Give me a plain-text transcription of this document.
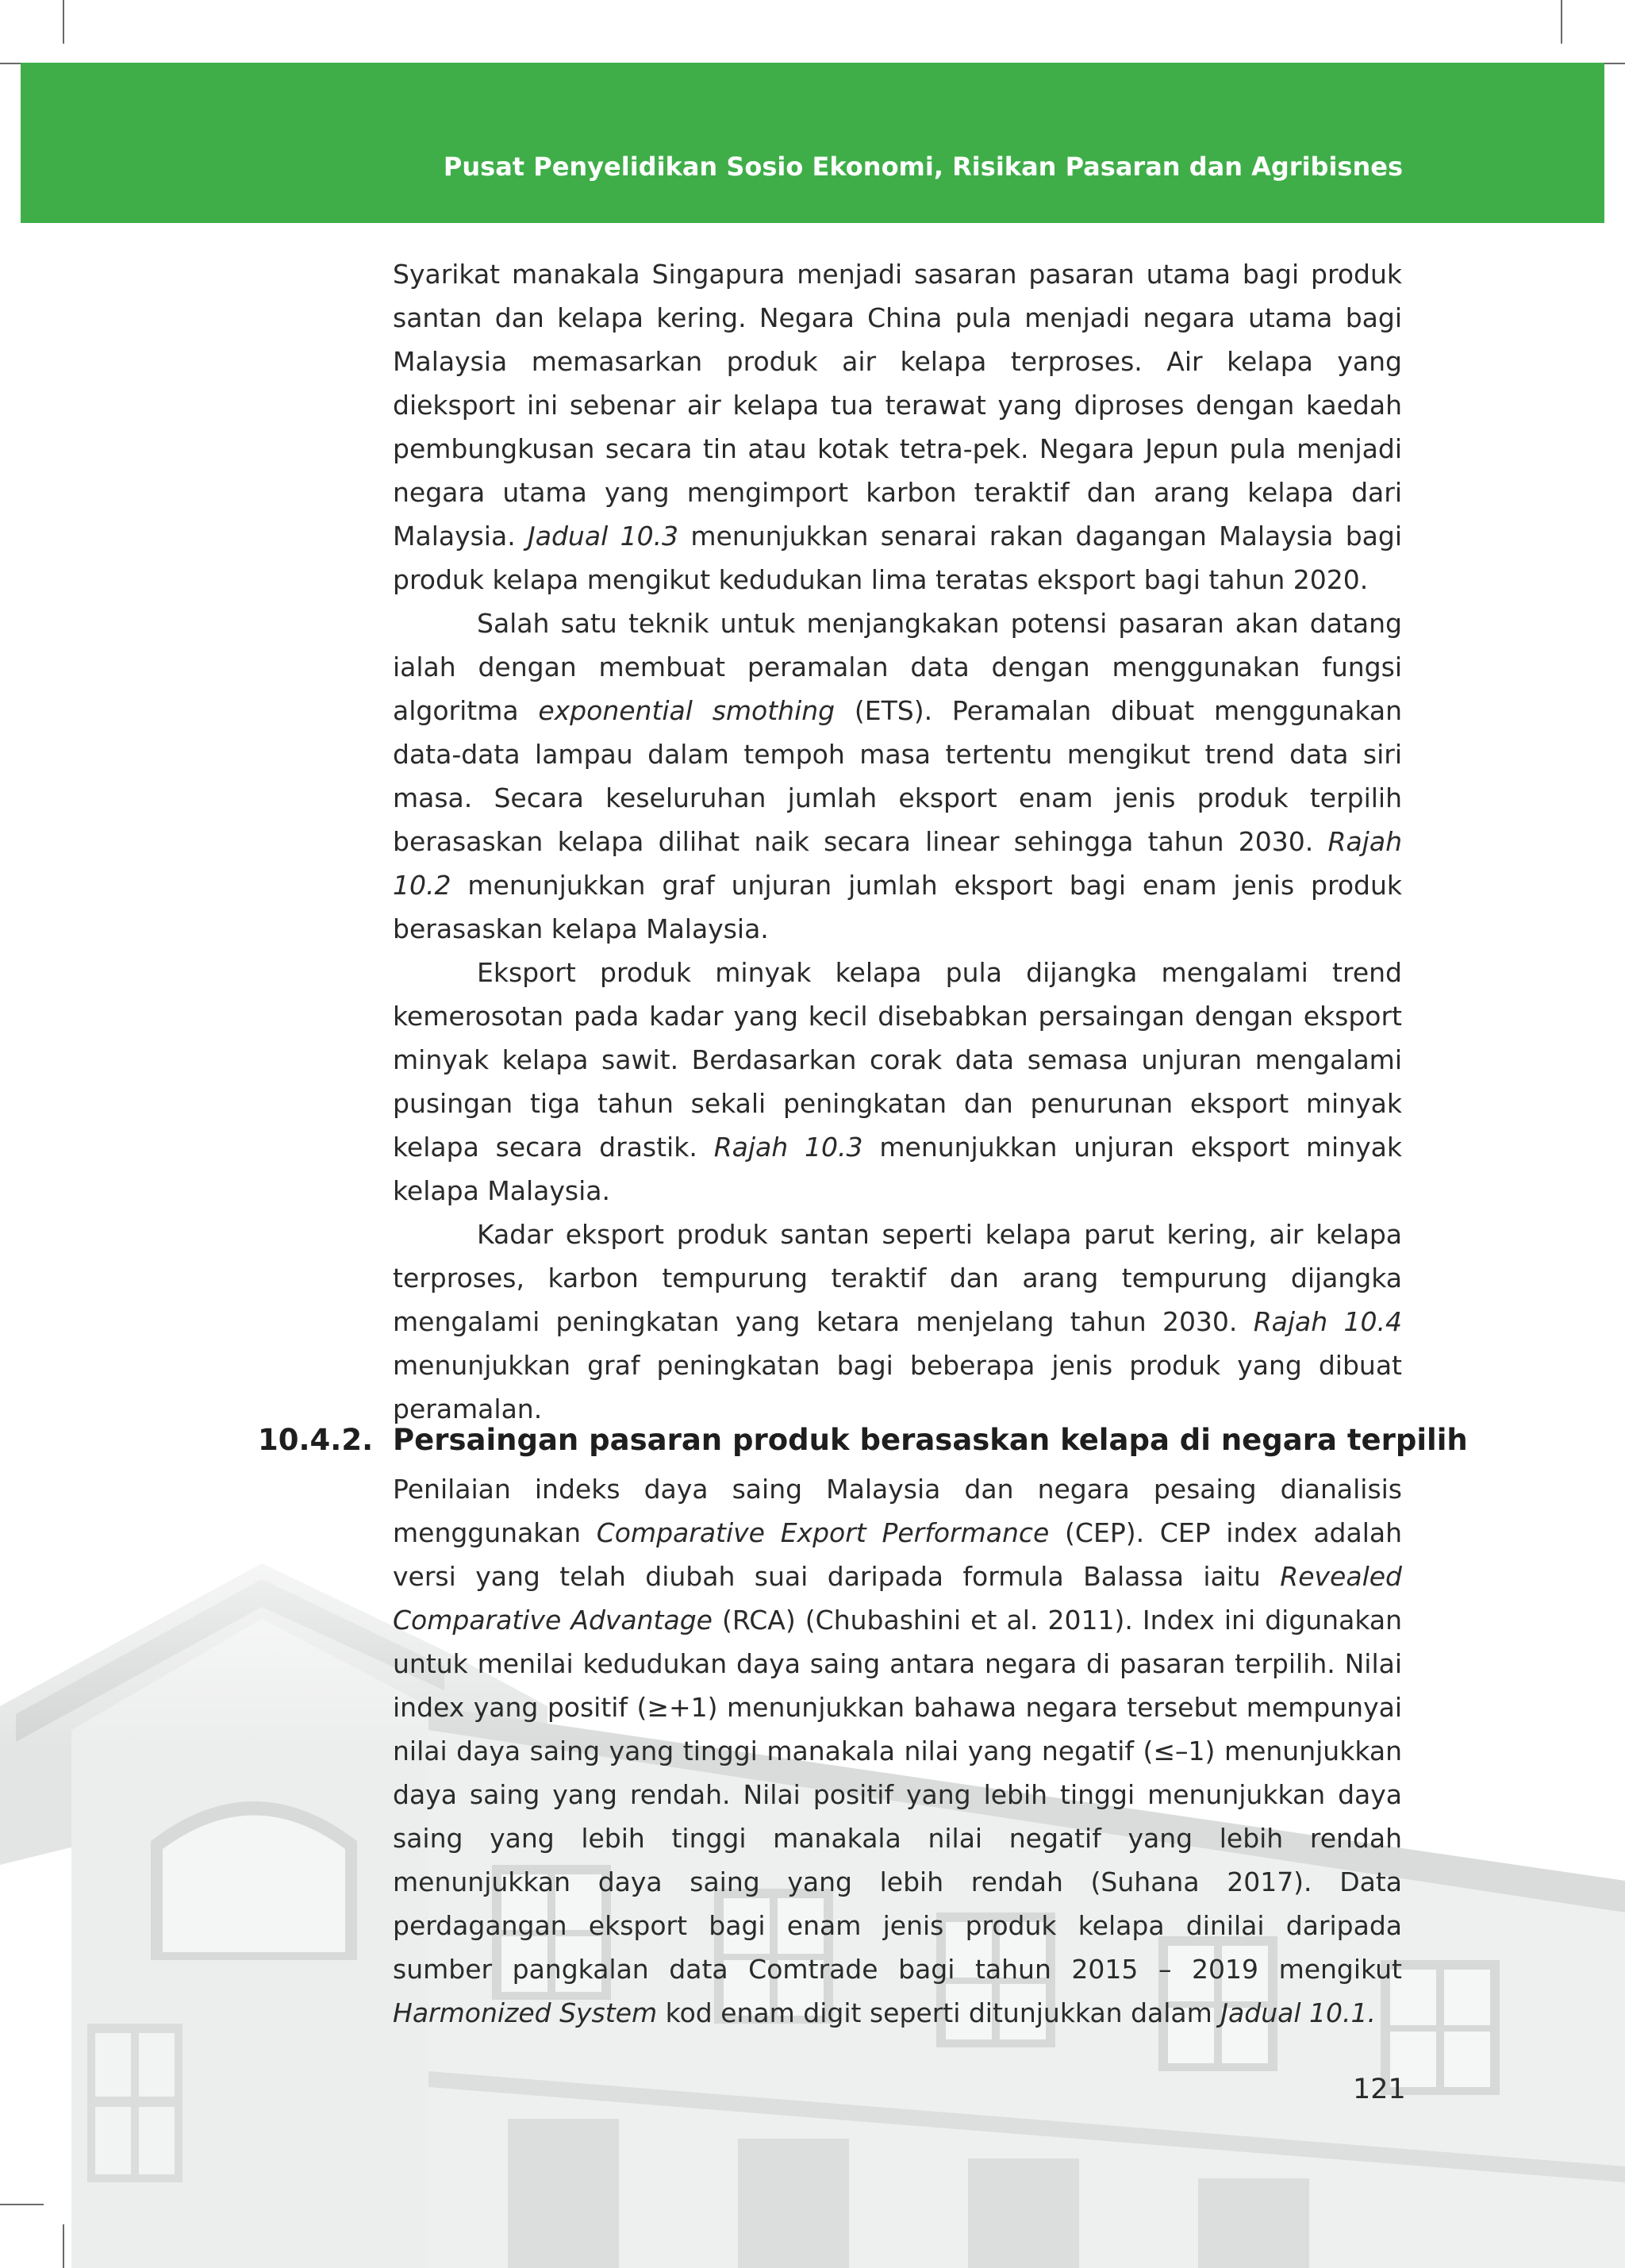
Pusat Penyelidikan Sosio Ekonomi, Risikan Pasaran dan Agribisnes

Syarikat manakala Singapura menjadi sasaran pasaran utama bagi produk santan dan kelapa kering. Negara China pula menjadi negara utama bagi Malaysia memasarkan produk air kelapa terproses. Air kelapa yang dieksport ini sebenar air kelapa tua terawat yang diproses dengan kaedah pembungkusan secara tin atau kotak tetra-pek. Negara Jepun pula menjadi negara utama yang mengimport karbon teraktif dan arang kelapa dari Malaysia. Jadual 10.3 menunjukkan senarai rakan dagangan Malaysia bagi produk kelapa mengikut kedudukan lima teratas eksport bagi tahun 2020.

Salah satu teknik untuk menjangkakan potensi pasaran akan datang ialah dengan membuat peramalan data dengan menggunakan fungsi algoritma exponential smothing (ETS). Peramalan dibuat menggunakan data-data lampau dalam tempoh masa tertentu mengikut trend data siri masa. Secara keseluruhan jumlah eksport enam jenis produk terpilih berasaskan kelapa dilihat naik secara linear sehingga tahun 2030. Rajah 10.2 menunjukkan graf unjuran jumlah eksport bagi enam jenis produk berasaskan kelapa Malaysia.

Eksport produk minyak kelapa pula dijangka mengalami trend kemerosotan pada kadar yang kecil disebabkan persaingan dengan eksport minyak kelapa sawit. Berdasarkan corak data semasa unjuran mengalami pusingan tiga tahun sekali peningkatan dan penurunan eksport minyak kelapa secara drastik. Rajah 10.3 menunjukkan unjuran eksport minyak kelapa Malaysia.

Kadar eksport produk santan seperti kelapa parut kering, air kelapa terproses, karbon tempurung teraktif dan arang tempurung dijangka mengalami peningkatan yang ketara menjelang tahun 2030. Rajah 10.4 menunjukkan graf peningkatan bagi beberapa jenis produk yang dibuat peramalan.

10.4.2. Persaingan pasaran produk berasaskan kelapa di negara terpilih

Penilaian indeks daya saing Malaysia dan negara pesaing dianalisis menggunakan Comparative Export Performance (CEP). CEP index adalah versi yang telah diubah suai daripada formula Balassa iaitu Revealed Comparative Advantage (RCA) (Chubashini et al. 2011). Index ini digunakan untuk menilai kedudukan daya saing antara negara di pasaran terpilih. Nilai index yang positif (≥+1) menunjukkan bahawa negara tersebut mempunyai nilai daya saing yang tinggi manakala nilai yang negatif (≤–1) menunjukkan daya saing yang rendah. Nilai positif yang lebih tinggi menunjukkan daya saing yang lebih tinggi manakala nilai negatif yang lebih rendah menunjukkan daya saing yang lebih rendah (Suhana 2017). Data perdagangan eksport bagi enam jenis produk kelapa dinilai daripada sumber pangkalan data Comtrade bagi tahun 2015 – 2019 mengikut Harmonized System kod enam digit seperti ditunjukkan dalam Jadual 10.1.

121
